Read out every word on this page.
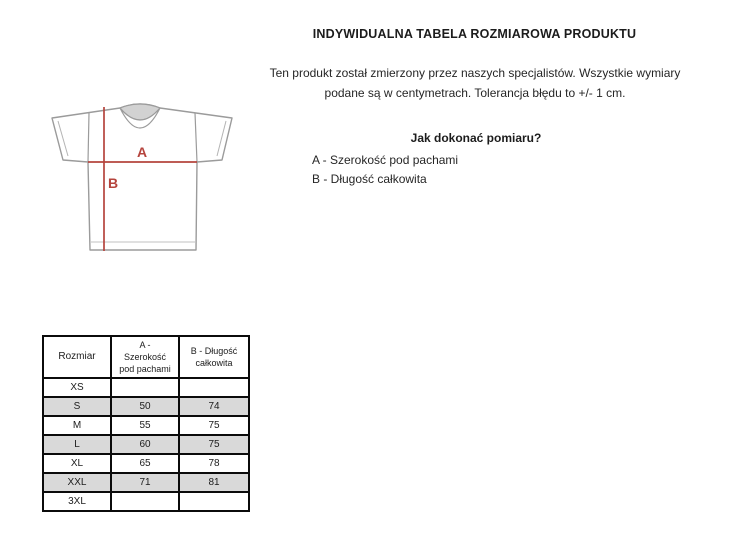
INDYWIDUALNA TABELA ROZMIAROWA PRODUKTU
Ten produkt został zmierzony przez naszych specjalistów. Wszystkie wymiary
podane są w centymetrach. Tolerancja błędu to +/- 1 cm.
Jak dokonać pomiaru?
A - Szerokość pod pachami
B - Długość całkowita
A
B
Rozmiar	A - Szerokość pod pachami	B - Długość całkowita
XS		
S	50	74
M	55	75
L	60	75
XL	65	78
XXL	71	81
3XL		
